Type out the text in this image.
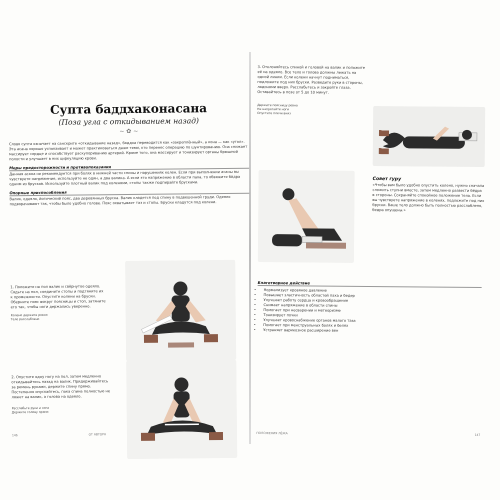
Супта баддхаконасана
(Поза угла с откидыванием назад)
~ ✿ ~

Слово супта означает на санскрите «откидывание назад», баддха переводится как «закреплённый», а кона — как «угол». Эта асана хорошо успокаивает и может практиковаться даже теми, кто перенес операцию по шунтированию. Она снижает массирует сердце и способствует раскупориванию артерий. Кроме того, она массирует и тонизирует органы брюшной полости и улучшает в них циркуляцию крови.

Меры предосторожности и противопоказания

Данная асана не рекомендуется при болях в нижней части спины и нарушениях колен. Если при выполнении асаны вы чувствуете напряжение, используйте не один, а два валика. А если это напряжение в области паха, то обвяжите бёдра одним из брусков. Используйте плотный валик под коленями, стопы также подпирайте брусками.

Опорные приспособления

Валик, одеяло, йогический пояс, два деревянных бруска. Валик кладется под спину в подвешенной груди. Одеяло подворачивают так, чтобы было удобно голове. Пояс охватывает таз и стопы. Бруски кладутся под колени.

1. Положите на пол валик и свёрнутое одеяло. Сядьте на пол, соедините стопы и подтяните их к промежности. Опустите колени на бруски. Оберните пояс вокруг поясницы и стоп, затяните его так, чтобы ноги держались уверенно.

Колено держите ровно
Тело расслаблено

2. Опустите одну ногу на пол, затем медленно откидывайтесь назад на валик. Придерживайтесь за ремень руками, держите спину прямо. Постепенно опускайтесь, пока спина полностью не ляжет на валик, а голова на одеяло.

Расслабьте руки и ноги
Держите голову прямо
146	ОТ АВТОРА

3. Отклоняйтесь спиной и головой на валик и положите её на одеяло. Все тело и голова должны лежать на одной линии. Если колени начнут подниматься, подложите под них бруски. Разведите руки в стороны, ладонями вверх. Расслабьтесь и закройте глаза. Оставайтесь в позе от 5 до 10 минут.

Держите поясницу ровно
Не напрягайте ноги
Опустите плечи вниз
Совет гуру

«Чтобы вам было удобно опустить колено, нужно сначала сложить ступни вместе, затем медленно развести бёдра в стороны. Сохраняйте спокойное положение тела. Если вы чувствуете напряжение в коленях, подложите под них бруски. Ваше тело должно быть полностью расслаблено, бедра опущены.»

Благотворное действие
• Нормализует кровяное давление
• Повышает эластичность областей паха и бедер
• Улучшает работу сердца и кровообращение
• Снимает напряжение в области спины
• Помогает при несварении и метеоризме
• Тонизирует почки
• Улучшает кровоснабжение органов малого таза
• Помогает при менструальных болях и белях
• Устраняет варикозное расширение вен
ПОЛОЖЕНИЯ ЛЁЖА	147
